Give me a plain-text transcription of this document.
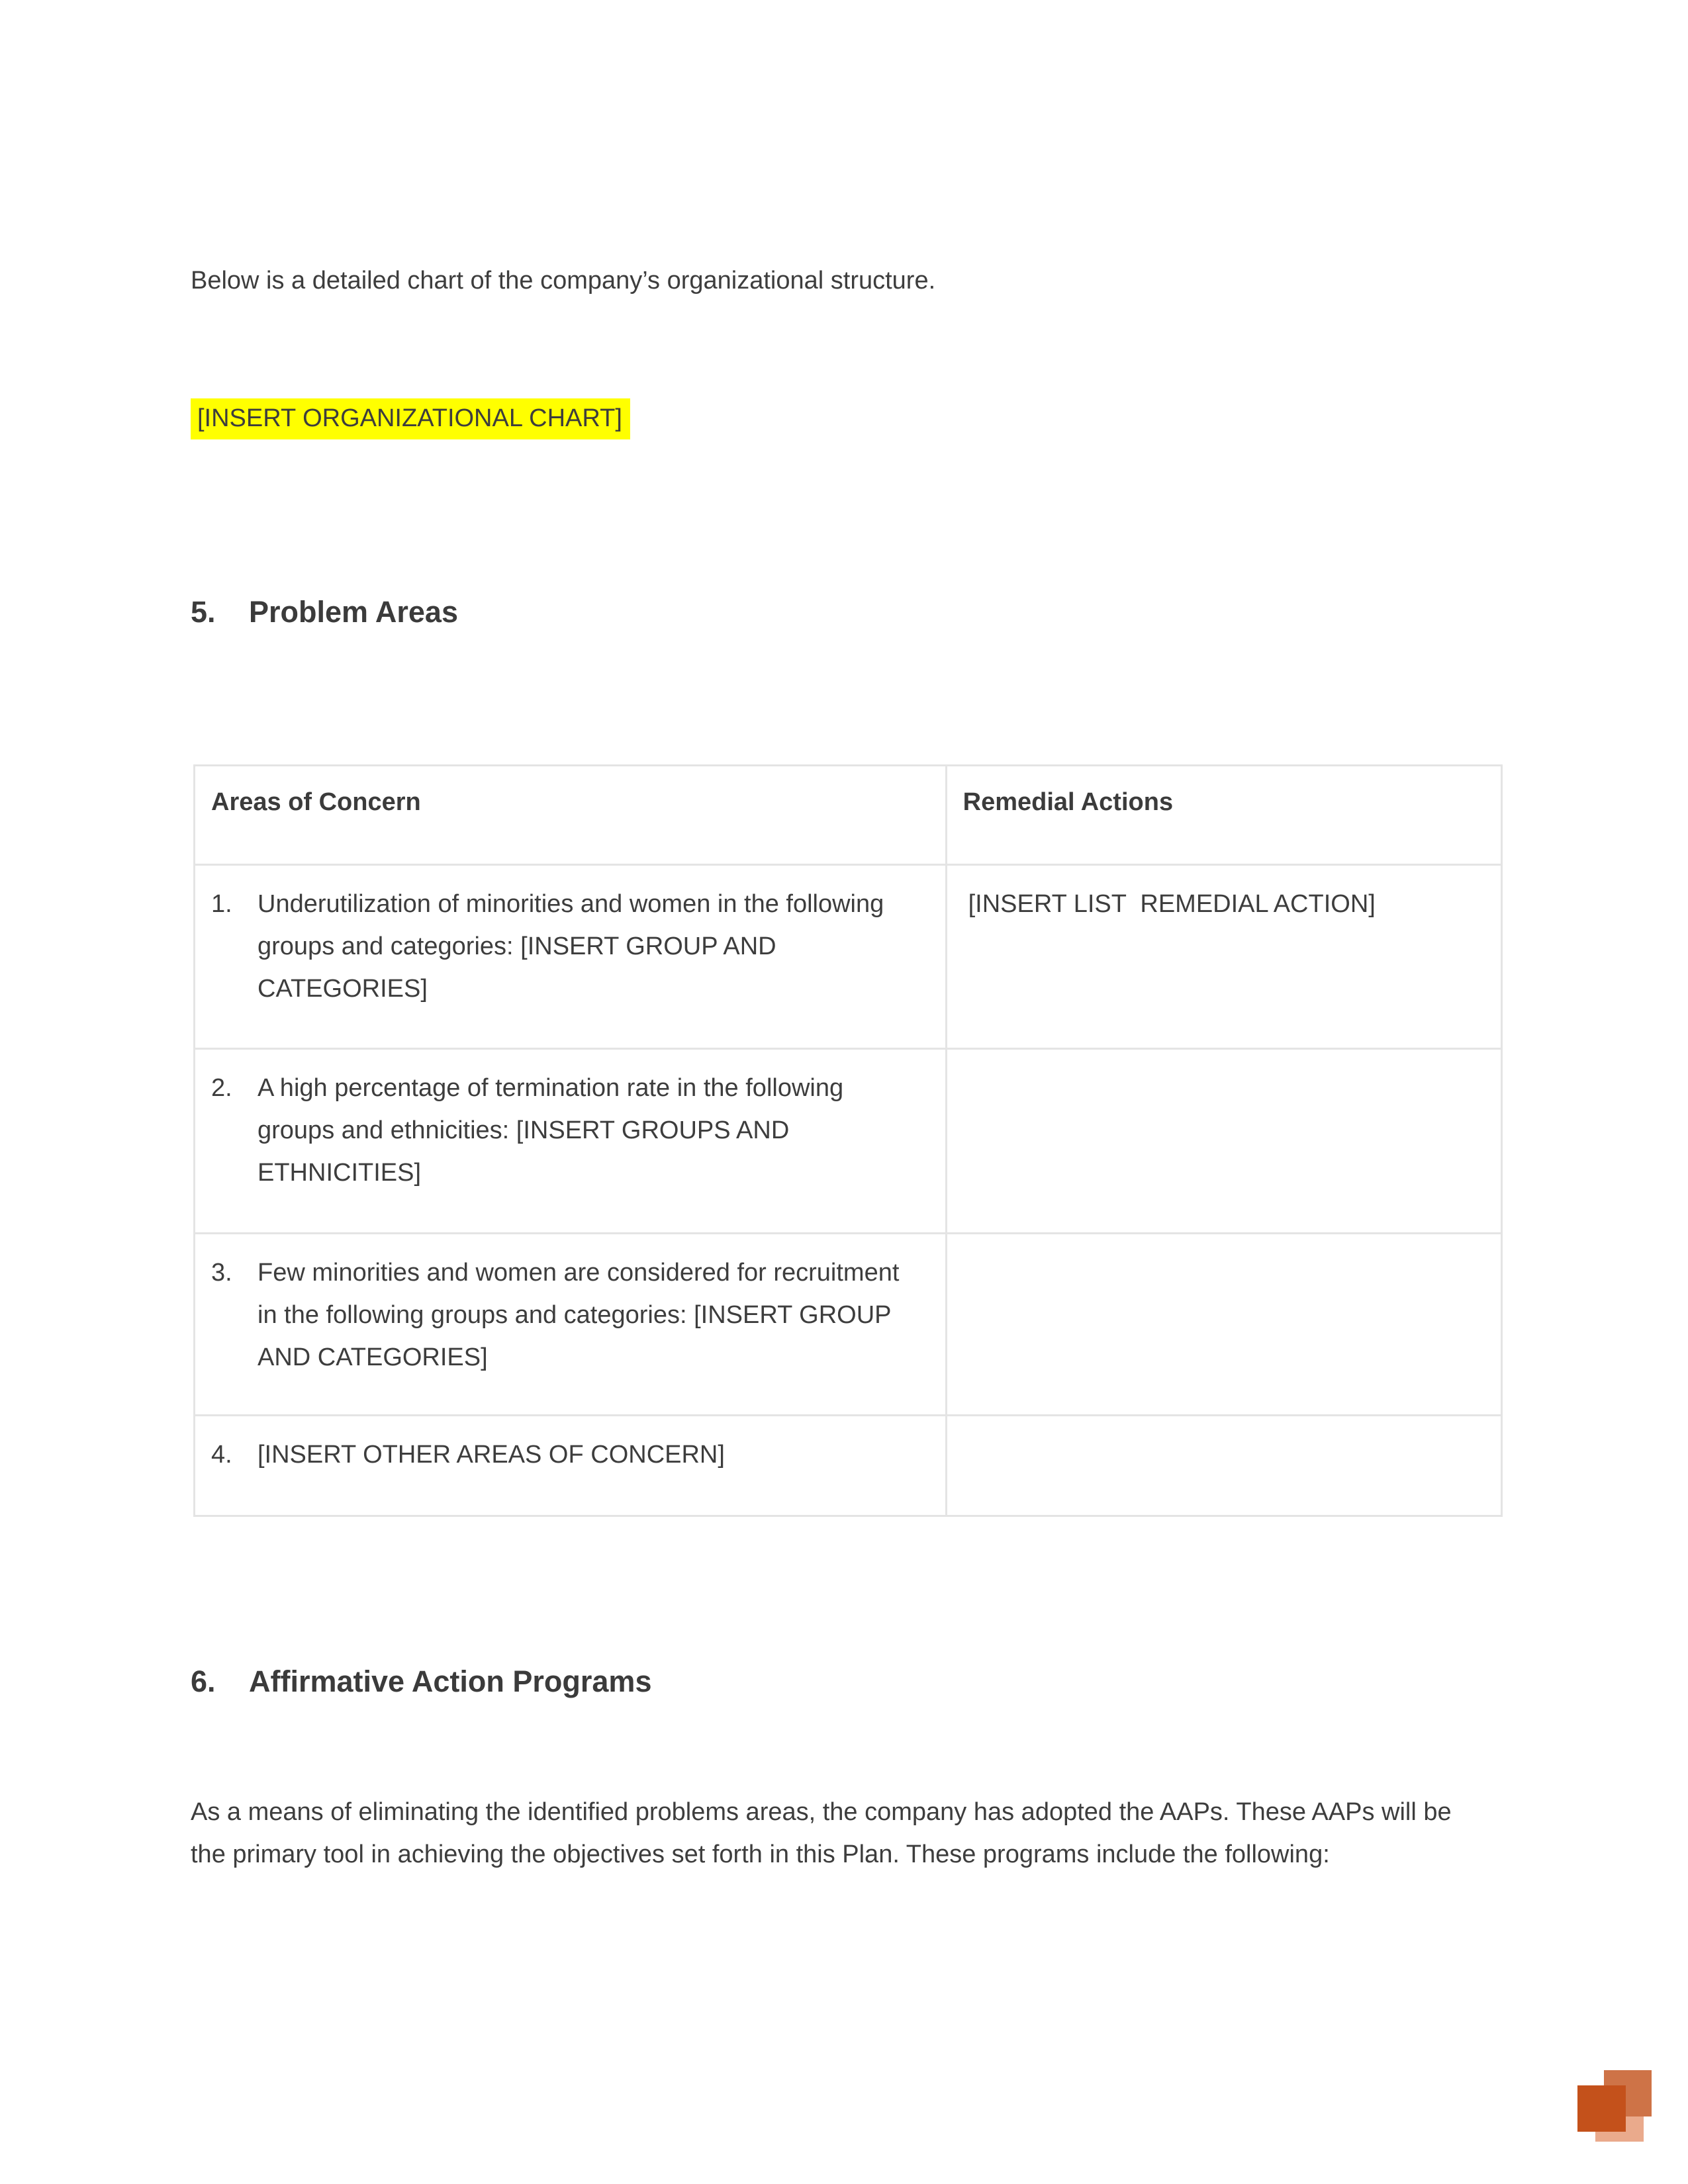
Below is a detailed chart of the company’s organizational structure.
[INSERT ORGANIZATIONAL CHART]
5. Problem Areas
Areas of Concern	Remedial Actions

1. Underutilization of minorities and women in the following groups and categories: [INSERT GROUP AND CATEGORIES]	[INSERT LIST  REMEDIAL ACTION]

2. A high percentage of termination rate in the following groups and ethnicities: [INSERT GROUPS AND ETHNICITIES]	

3. Few minorities and women are considered for recruitment in the following groups and categories: [INSERT GROUP AND CATEGORIES]	

4. [INSERT OTHER AREAS OF CONCERN]	

6. Affirmative Action Programs
As a means of eliminating the identified problems areas, the company has adopted the AAPs. These AAPs will be the primary tool in achieving the objectives set forth in this Plan. These programs include the following:
